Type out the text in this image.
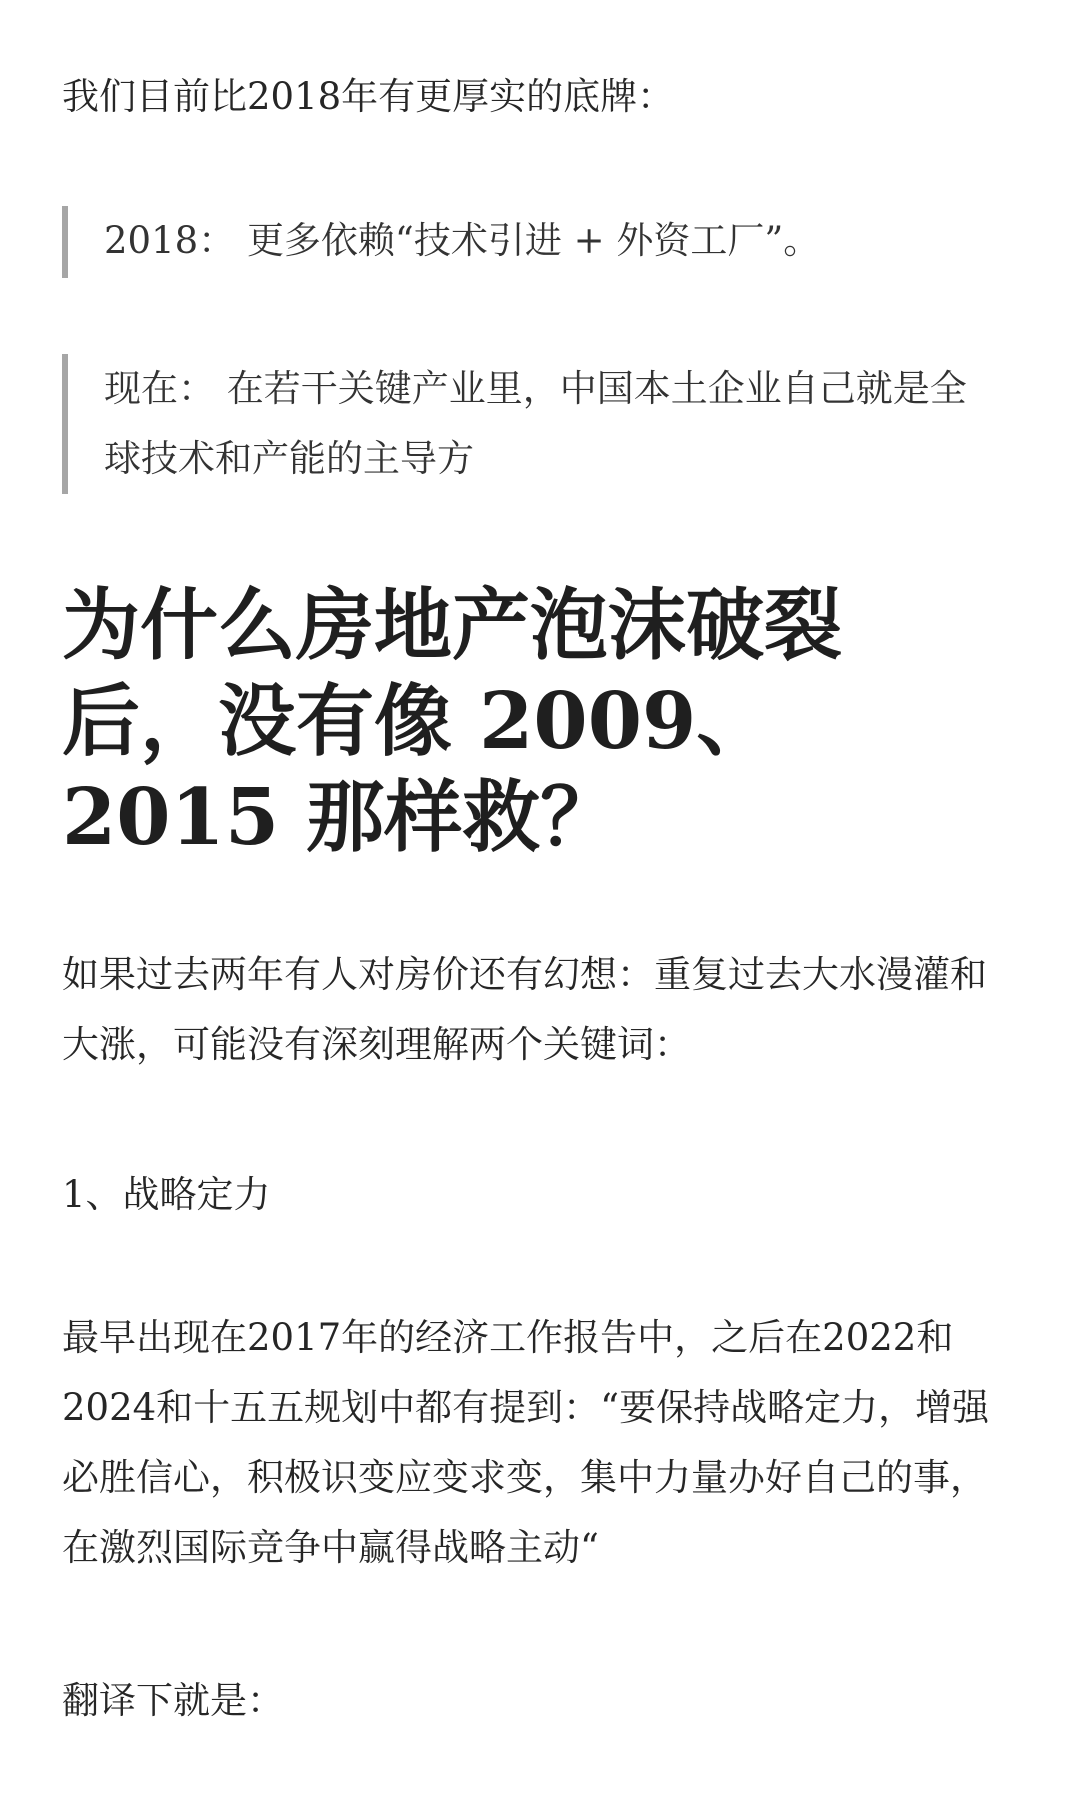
我们目前比2018年有更厚实的底牌：

2018： 更多依赖“技术引进 + 外资工厂”。

现在： 在若干关键产业里，中国本土企业自己就是全球技术和产能的主导方

为什么房地产泡沫破裂后，没有像 2009、2015 那样救？

如果过去两年有人对房价还有幻想：重复过去大水漫灌和大涨，可能没有深刻理解两个关键词：

1、战略定力

最早出现在2017年的经济工作报告中，之后在2022和2024和十五五规划中都有提到：“要保持战略定力，增强必胜信心，积极识变应变求变，集中力量办好自己的事，在激烈国际竞争中赢得战略主动“

翻译下就是：
